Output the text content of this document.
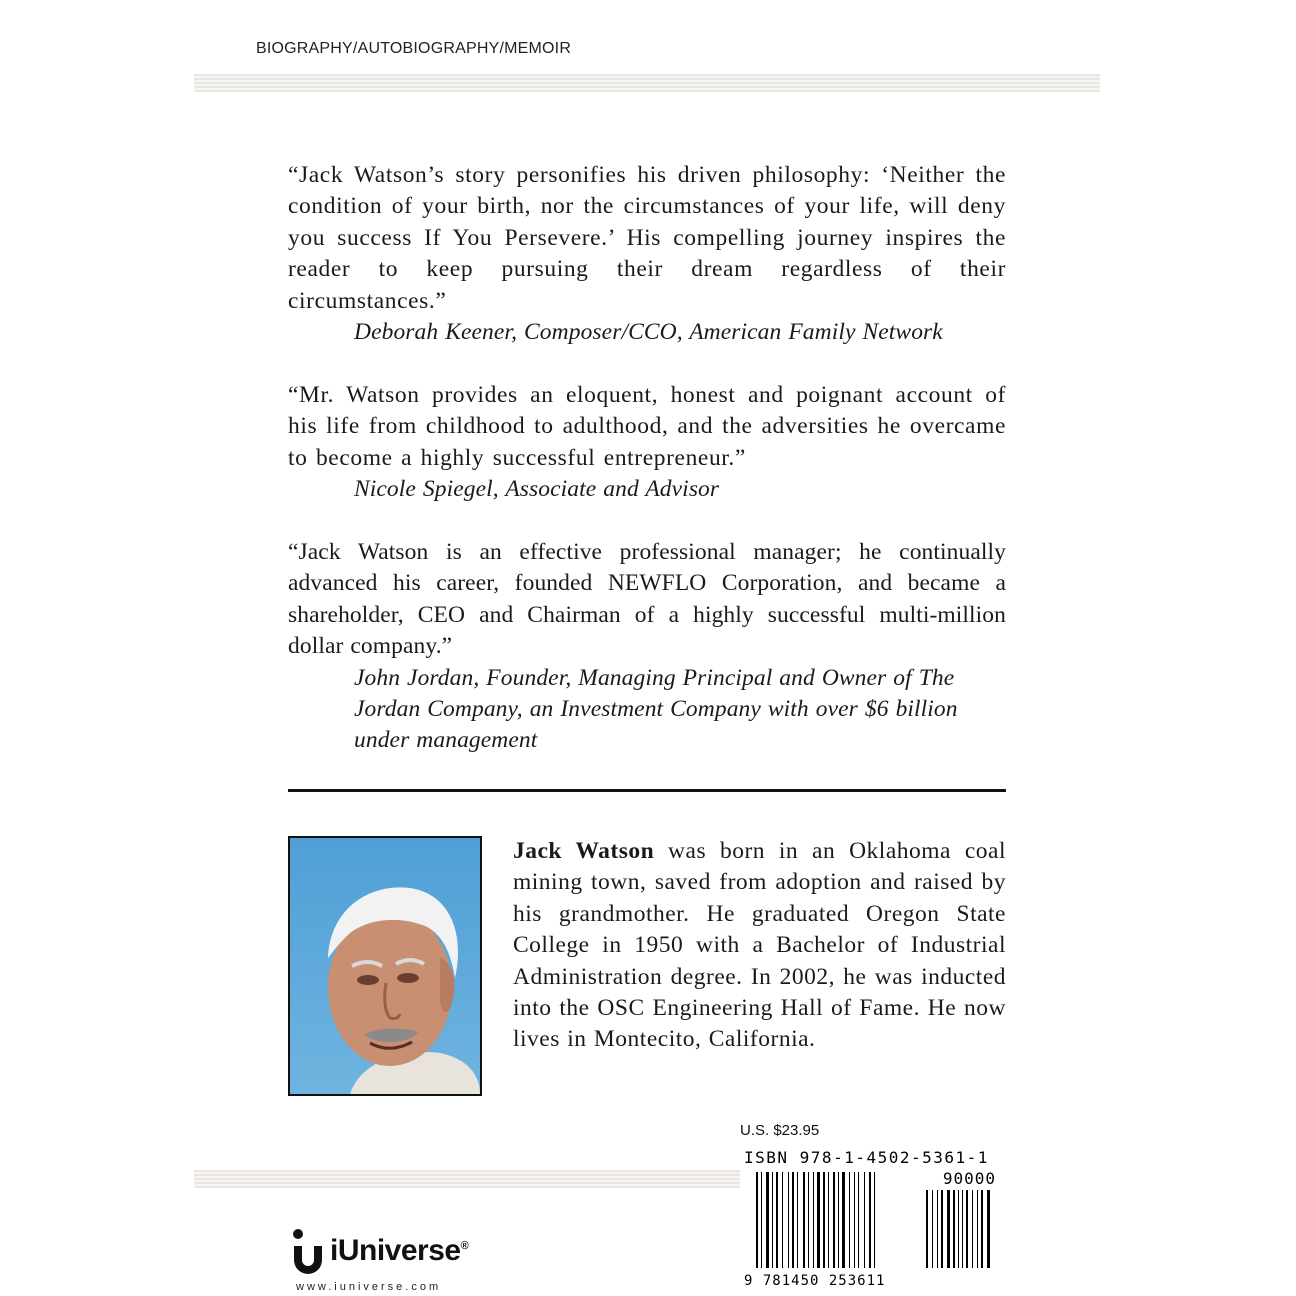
BIOGRAPHY/AUTOBIOGRAPHY/MEMOIR

“Jack Watson’s story personifies his driven philosophy: ‘Neither the condition of your birth, nor the circumstances of your life, will deny you success If You Persevere.’ His compelling journey inspires the reader to keep pursuing their dream regardless of their circumstances.”

Deborah Keener, Composer/CCO, American Family Network

“Mr. Watson provides an eloquent, honest and poignant account of his life from childhood to adulthood, and the adversities he overcame to become a highly successful entrepreneur.”

Nicole Spiegel, Associate and Advisor

“Jack Watson is an effective professional manager; he continually advanced his career, founded NEWFLO Corporation, and became a shareholder, CEO and Chairman of a highly successful multi-million dollar company.”

John Jordan, Founder, Managing Principal and Owner of The Jordan Company, an Investment Company with over $6 billion under management

Jack Watson was born in an Oklahoma coal mining town, saved from adoption and raised by his grandmother. He graduated Oregon State College in 1950 with a Bachelor of Industrial Administration degree. In 2002, he was inducted into the OSC Engineering Hall of Fame. He now lives in Montecito, California.
U.S. $23.95
ISBN 978-1-4502-5361-1
90000
9 781450 253611
iUniverse®
www.iuniverse.com
